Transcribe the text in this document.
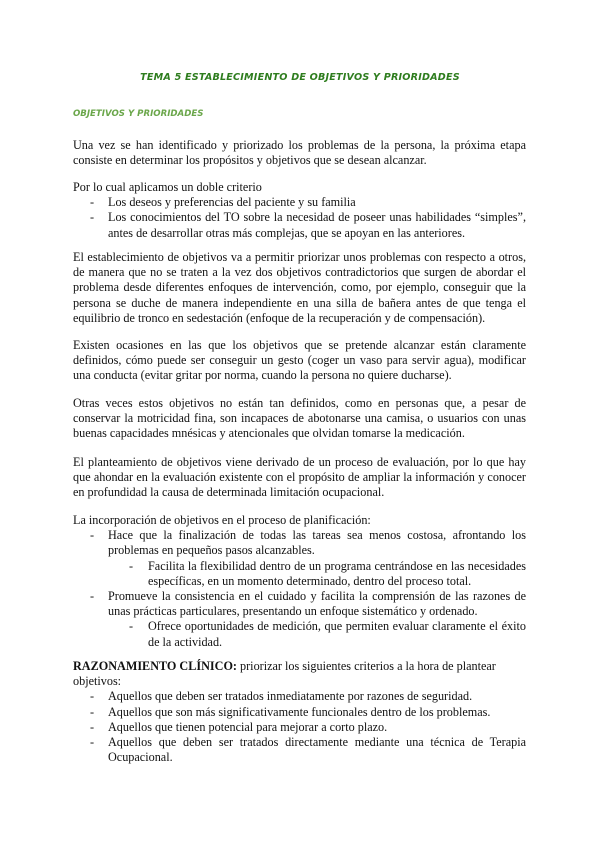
TEMA 5 ESTABLECIMIENTO DE OBJETIVOS Y PRIORIDADES
OBJETIVOS Y PRIORIDADES

Una vez se han identificado y priorizado los problemas de la persona, la próxima etapa consiste en determinar los propósitos y objetivos que se desean alcanzar.

Por lo cual aplicamos un doble criterio

- Los deseos y preferencias del paciente y su familia
- Los conocimientos del TO sobre la necesidad de poseer unas habilidades “simples”, antes de desarrollar otras más complejas, que se apoyan en las anteriores.

El establecimiento de objetivos va a permitir priorizar unos problemas con respecto a otros, de manera que no se traten a la vez dos objetivos contradictorios que surgen de abordar el problema desde diferentes enfoques de intervención, como, por ejemplo, conseguir que la persona se duche de manera independiente en una silla de bañera antes de que tenga el equilibrio de tronco en sedestación (enfoque de la recuperación y de compensación).

Existen ocasiones en las que los objetivos que se pretende alcanzar están claramente definidos, cómo puede ser conseguir un gesto (coger un vaso para servir agua), modificar una conducta (evitar gritar por norma, cuando la persona no quiere ducharse).

Otras veces estos objetivos no están tan definidos, como en personas que, a pesar de conservar la motricidad fina, son incapaces de abotonarse una camisa, o usuarios con unas buenas capacidades mnésicas y atencionales que olvidan tomarse la medicación.

El planteamiento de objetivos viene derivado de un proceso de evaluación, por lo que hay que ahondar en la evaluación existente con el propósito de ampliar la información y conocer en profundidad la causa de determinada limitación ocupacional.

La incorporación de objetivos en el proceso de planificación:

- Hace que la finalización de todas las tareas sea menos costosa, afrontando los problemas en pequeños pasos alcanzables.
- Facilita la flexibilidad dentro de un programa centrándose en las necesidades específicas, en un momento determinado, dentro del proceso total.
- Promueve la consistencia en el cuidado y facilita la comprensión de las razones de unas prácticas particulares, presentando un enfoque sistemático y ordenado.
- Ofrece oportunidades de medición, que permiten evaluar claramente el éxito de la actividad.

RAZONAMIENTO CLÍNICO: priorizar los siguientes criterios a la hora de plantear objetivos:

- Aquellos que deben ser tratados inmediatamente por razones de seguridad.
- Aquellos que son más significativamente funcionales dentro de los problemas.
- Aquellos que tienen potencial para mejorar a corto plazo.
- Aquellos que deben ser tratados directamente mediante una técnica de Terapia Ocupacional.
